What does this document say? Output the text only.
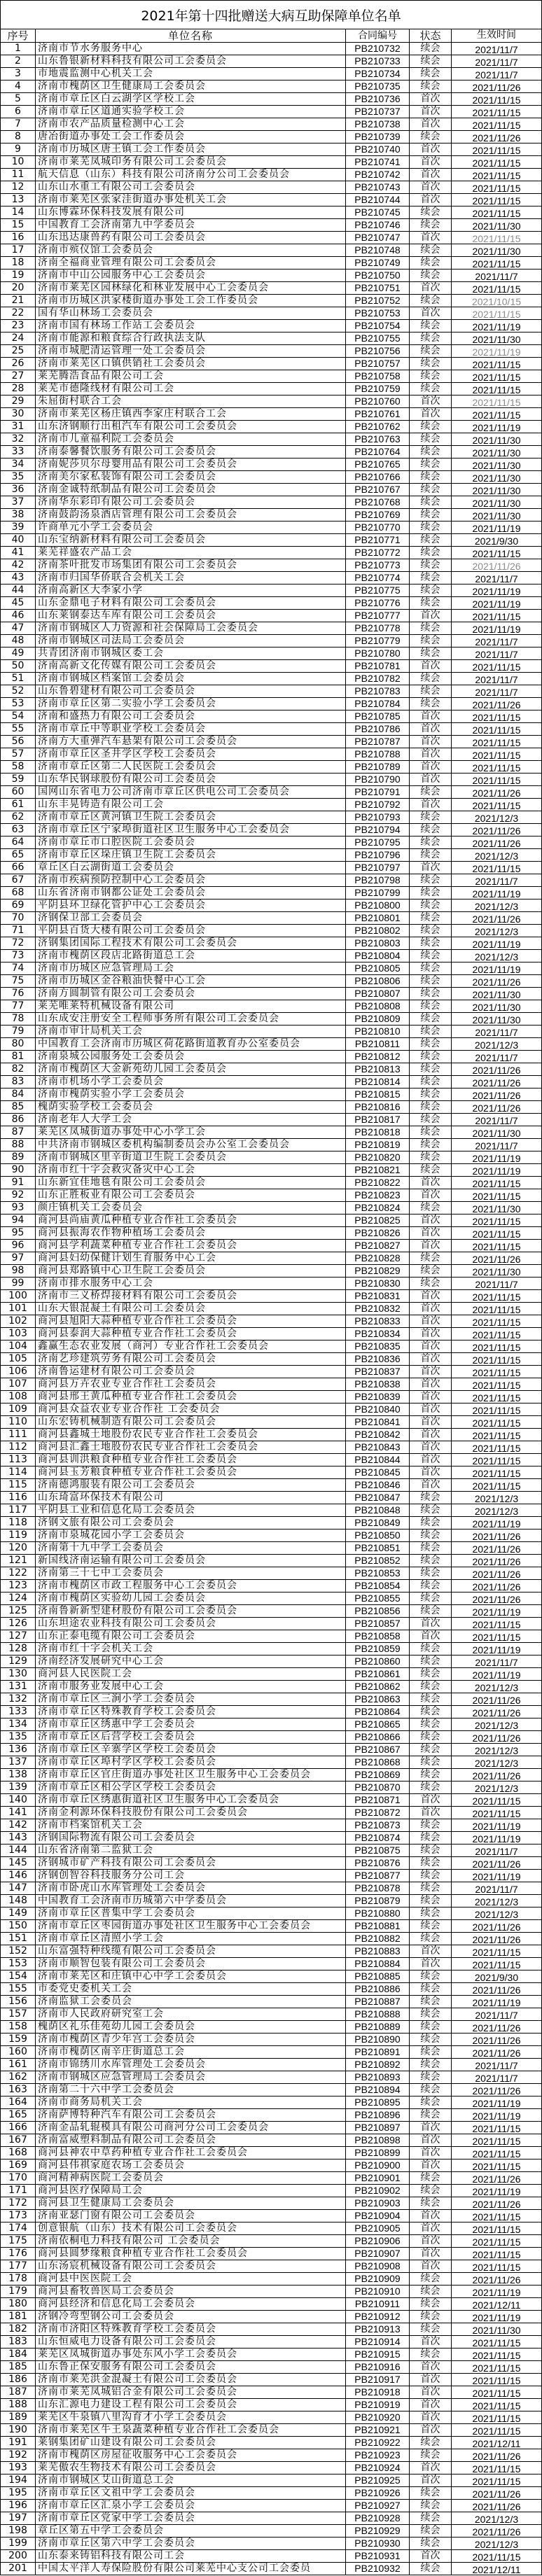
2021年第十四批赠送大病互助保障单位名单
序号	单位名称	合同编号	状态	生效时间
1	济南市节水务服务中心	PB210732	续会	2021/11/7
2	山东鲁银新材料科技有限公司工会委员会	PB210733	续会	2021/11/7
3	市地震监测中心机关工会	PB210734	续会	2021/11/7
4	济南市槐荫区卫生健康局工会委员会	PB210735	续会	2021/11/26
5	济南市章丘区白云湖学区学校工会	PB210736	首次	2021/11/15
6	济南市章丘区道通实验学校工会	PB210737	首次	2021/11/15
7	济南市农产品质量检测中心工会	PB210738	首次	2021/11/15
8	唐冶街道办事处工会工作委员会	PB210739	续会	2021/11/26
9	济南市历城区唐王镇工会工作委员会	PB210740	首次	2021/11/15
10	济南市莱芜凤城印务有限公司工会委员会	PB210741	首次	2021/11/15
11	航天信息（山东）科技有限公司济南分公司工会委员会	PB210742	首次	2021/11/15
12	山东山水重工有限公司工会委员会	PB210743	首次	2021/11/15
13	济南市莱芜区张家洼街道办事处机关工会	PB210744	首次	2021/11/15
14	山东博霖环保科技发展有限公司	PB210745	续会	2021/11/15
15	中国教育工会济南第九中学委员会	PB210746	续会	2021/11/30
16	山东迅达康兽药有限公司工会委员会	PB210747	首次	2021/11/15
17	济南市殡仪馆工会委员会	PB210748	续会	2021/11/30
18	济南全福商业管理有限公司工会委员会	PB210749	续会	2021/11/15
19	济南市中山公园服务中心工会委员会	PB210750	续会	2021/11/7
20	济南市莱芜区园林绿化和林业发展中心工会委员会	PB210751	首次	2021/11/15
21	济南市历城区洪家楼街道办事处工会工作委员会	PB210752	续会	2021/10/15
22	国有华山林场工会委员会	PB210753	首次	2021/11/15
23	济南市国有林场工作站工会委员会	PB210754	续会	2021/11/19
24	济南市能源和粮食综合行政执法支队	PB210755	续会	2021/11/30
25	济南市城肥清运管理一处工会委员会	PB210756	续会	2021/11/19
26	济南市莱芜区口镇供销社工会委员会	PB210757	续会	2021/11/15
27	莱芜腾浩食品有限公司工会	PB210758	续会	2021/11/15
28	莱芜市德隆线材有限公司工会	PB210759	续会	2021/11/15
29	朱屈街村联合工会	PB210760	首次	2021/11/15
30	济南市莱芜区杨庄镇西李家庄村联合工会	PB210761	首次	2021/11/15
31	山东济钢顺行出租汽车有限公司工会委员会	PB210762	续会	2021/11/19
32	济南市儿童福利院工会委员会	PB210763	续会	2021/11/30
33	济南泰馨餐饮服务有限公司工会委员会	PB210764	续会	2021/11/30
34	济南妮莎贝尔母婴用品有限公司工会委员会	PB210765	续会	2021/11/30
35	济南美尔家私装饰有限公司工会委员会	PB210766	续会	2021/11/30
36	济南金诚特纸制品有限公司工会委员会	PB210767	续会	2021/11/30
37	济南华东彩印有限公司工会委员会	PB210768	续会	2021/11/30
38	济南鼓韵汤泉酒店管理有限公司工会委员会	PB210769	续会	2021/11/30
39	许商单元小学工会委员会	PB210770	续会	2021/11/19
40	山东宝纳新材料有限公司工会委员会	PB210771	续会	2021/9/30
41	莱芜祥盛农产品工会	PB210772	续会	2021/11/15
42	济南茶叶批发市场集团有限公司工会委员会	PB210773	续会	2021/11/26
43	济南市归国华侨联合会机关工会	PB210774	续会	2021/11/7
44	济南高新区大李家小学	PB210775	续会	2021/11/19
45	山东金鼎电子材料有限公司工会委员会	PB210776	续会	2021/11/19
46	山东莱钢泰达车库有限公司工会委员会	PB210777	首次	2021/11/15
47	济南市钢城区人力资源和社会保障局工会委员会	PB210778	续会	2021/11/19
48	济南市钢城区司法局工会委员会	PB210779	续会	2021/11/7
49	共青团济南市钢城区委工会	PB210780	续会	2021/11/7
50	济南高新文化传媒有限公司工会委员会	PB210781	首次	2021/11/15
51	济南市钢城区档案馆工会委员会	PB210782	续会	2021/11/7
52	山东鲁碧建材有限公司工会委员会	PB210783	续会	2021/11/7
53	济南市章丘区第二实验小学工会委员会	PB210784	续会	2021/11/26
54	济南和盛热力有限公司工会委员会	PB210785	首次	2021/11/15
55	济南市章丘中等职业学校工会委员会	PB210786	首次	2021/11/15
56	济南方大重弹汽车悬架有限公司工会委员会	PB210787	首次	2021/11/15
57	济南市章丘区圣井学区学校工会委员会	PB210788	首次	2021/11/15
58	济南市章丘区第二人民医院工会委员会	PB210789	首次	2021/11/15
59	山东华民钢球股份有限公司工会委员会	PB210790	首次	2021/11/15
60	国网山东省电力公司济南市章丘区供电公司工会委员会	PB210791	续会	2021/11/26
61	山东丰晃铸造有限公司工会	PB210792	首次	2021/11/15
62	济南市章丘区黄河镇卫生院工会委员会	PB210793	续会	2021/12/3
63	济南市章丘区宁家埠街道社区卫生服务中心工会委员会	PB210794	续会	2021/11/26
64	济南市章丘市口腔医院工会委员会	PB210795	续会	2021/11/26
65	济南市章丘区垛庄镇卫生院工会委员会	PB210796	续会	2021/12/3
66	章丘区白云湖街道工会委员会	PB210797	首次	2021/11/15
67	济南市疾病预防控制中心工会委员会	PB210798	续会	2021/11/7
68	山东省济南市钢都公证处工会委员会	PB210799	续会	2021/11/19
69	平阴县环卫绿化管护中心工会委员会	PB210800	续会	2021/12/3
70	济钢保卫部工会委员会	PB210801	续会	2021/11/26
71	平阴县百货大楼有限公司工会委员会	PB210802	续会	2021/12/3
72	济钢集团国际工程技术有限公司工会委员会	PB210803	续会	2021/11/19
73	济南市槐荫区段店北路街道总工会	PB210804	续会	2021/12/3
74	济南市历城区应急管理局工会	PB210805	续会	2021/11/19
75	济南市历城区金谷粮油快餐中心工会	PB210806	续会	2021/11/26
76	济南方圆制管有限公司工会委员会	PB210807	续会	2021/11/30
77	莱芜唯莱特机械设备有限公司	PB210808	续会	2021/11/30
78	山东成安注册安全工程师事务所有限公司工会委员会	PB210809	续会	2021/11/30
79	济南市审计局机关工会	PB210810	续会	2021/11/7
80	中国教育工会济南市历城区荷花路街道教育办公室委员会	PB210811	续会	2021/12/3
81	济南泉城公园服务处工会委员会	PB210812	续会	2021/11/7
82	济南市槐荫区大金新苑幼儿园工会委员会	PB210813	续会	2021/11/26
83	济南市机场小学工会委员会	PB210814	续会	2021/11/26
84	济南市槐荫实验小学工会委员会	PB210815	续会	2021/11/26
85	槐荫实验学校工会委员会	PB210816	续会	2021/11/26
86	济南老年人大学工会	PB210817	续会	2021/11/7
87	莱芜区凤城街道办事处中心小学工会	PB210818	续会	2021/11/30
88	中共济南市钢城区委机构编制委员会办公室工会委员会	PB210819	续会	2021/11/7
89	济南市钢城区里辛街道卫生院工会委员会	PB210820	续会	2021/11/19
90	济南市红十字会救灾备灾中心工会	PB210821	续会	2021/11/19
91	山东新宜佳地毯有限公司工会委员会	PB210822	首次	2021/11/15
92	山东正胜板业有限公司工会委员会	PB210823	首次	2021/11/15
93	颜庄镇机关工会委员会	PB210824	续会	2021/11/30
94	商河县尚庙黄瓜种植专业合作社工会委员会	PB210825	首次	2021/11/15
95	商河县振海农作物种植场工会委员会	PB210826	首次	2021/11/15
96	商河县学利蔬菜种植专业合作社工会委员会	PB210827	首次	2021/11/15
97	商河县妇幼保健计划生育服务中心工会	PB210828	续会	2021/11/26
98	商河县郑路镇中心卫生院工会委员会	PB210829	续会	2021/11/30
99	济南市排水服务中心工会	PB210830	续会	2021/11/7
100	济南市三义桥焊接材料有限公司工会委员会	PB210831	首次	2021/11/15
101	山东天银混凝土有限公司工会委员会	PB210832	首次	2021/11/15
102	商河县旭阳大蒜种植专业合作社工会委员会	PB210833	首次	2021/11/15
103	商河县泰润大蒜种植专业合作社工会委员会	PB210834	首次	2021/11/15
104	鑫赢生态农业发展（商河）专业合作社工会委员会	PB210835	首次	2021/11/15
105	济南艺珍建筑劳务有限公司工会委员会	PB210836	首次	2021/11/15
106	济南鲁运建材有限公司工会委员会	PB210837	首次	2021/11/15
107	商河县万卉农业专业合作社工会委员会	PB210838	首次	2021/11/15
108	商河县邢王黄瓜种植专业合作社工会委员会	PB210839	首次	2021/11/15
109	商河县众益农业专业合作社 工会委员会	PB210840	首次	2021/11/15
110	山东宏铸机械制造有限公司工会委员会	PB210841	首次	2021/11/15
111	商河县鑫城土地股份农民专业合作社工会委员会	PB210842	首次	2021/11/15
112	商河县汇鑫土地股份农民专业合作社工会委员会	PB210843	首次	2021/11/15
113	商河县训洪粮食种植专业合作社工会委员会	PB210844	首次	2021/11/15
114	商河县玉芳粮食种植专业合作社工会委员会	PB210845	首次	2021/11/15
115	济南德鸿服装有限公司工会委员会	PB210846	首次	2021/11/15
116	山东琦富环保技术有限公司	PB210847	续会	2021/12/3
117	平阴县工业和信息化局工会委员会	PB210848	续会	2021/12/3
118	济钢文旅有限公司工会委员会	PB210849	续会	2021/11/19
119	济南市泉城花园小学工会委员会	PB210850	续会	2021/11/26
120	济南第十九中学工会委员会	PB210851	续会	2021/11/26
121	新国线济南运输有限公司工会委员会	PB210852	续会	2021/11/26
122	济南第三十七中工会委员会	PB210853	续会	2021/11/26
123	济南市槐荫区市政工程服务中心工会委员会	PB210854	续会	2021/11/26
124	济南市槐荫区实验幼儿园工会委员会	PB210855	续会	2021/11/26
125	济南鲁新新型建材股份有限公司工会委员会	PB210856	续会	2021/11/19
126	山东坦途农业科技有限公司工会委员会	PB210857	首次	2021/11/15
127	山东正泰电缆有限公司工会委员会	PB210858	首次	2021/11/15
128	济南市红十字会机关工会	PB210859	续会	2021/11/19
129	济南经济发展研究中心工会	PB210860	续会	2021/11/7
130	商河县人民医院工会	PB210861	续会	2021/11/19
131	济南市服务业发展中心工会	PB210862	续会	2021/12/3
132	济南市章丘区三涧小学工会委员会	PB210863	续会	2021/11/26
133	济南市章丘区特殊教育学校工会委员会	PB210864	续会	2021/11/26
134	济南市章丘区绣惠中学工会委员会	PB210865	续会	2021/12/3
135	济南市章丘区后营学校工会委员会	PB210866	续会	2021/11/26
136	济南市章丘区辛寨学区学校工会委员会	PB210867	续会	2021/12/3
137	济南市章丘区埠村学区学校工会委员会	PB210868	续会	2021/12/3
138	济南市章丘区官庄街道办事处社区卫生服务中心工会委员会	PB210869	续会	2021/11/26
139	济南市章丘区相公学区学校工会委员会	PB210870	续会	2021/12/3
140	济南市章丘区绣惠街道社区卫生服务中心工会委员会	PB210871	首次	2021/11/15
141	济南金利源环保科技股份有限公司工会委员会	PB210872	首次	2021/11/15
142	济南市档案馆机关工会	PB210873	续会	2021/11/19
143	济钢国际物流有限公司工会委员会	PB210874	续会	2021/11/19
144	山东省济南第二监狱工会	PB210875	续会	2021/11/7
145	济钢城市矿产科技有限公司工会委员会	PB210876	续会	2021/11/26
146	济钢创智谷科技服务分公司工会	PB210877	续会	2021/11/19
147	济南市卧虎山水库管理处工会委员会	PB210878	续会	2021/11/7
148	中国教育工会济南市历城第六中学委员会	PB210879	续会	2021/12/3
149	济南市章丘区普集中学工会委员会	PB210880	续会	2021/12/3
150	济南市章丘区枣园街道办事处社区卫生服务中心工会委员会	PB210881	续会	2021/11/26
151	济南市章丘区清照小学工会	PB210882	续会	2021/11/26
152	山东富强特种线缆有限公司工会委员会	PB210883	首次	2021/11/15
153	济南市顺智包装有限公司工会委员会	PB210884	首次	2021/11/15
154	济南市莱芜区和庄镇中心中学工会委员会	PB210885	续会	2021/9/30
155	市委党史委机关工会	PB210886	续会	2021/11/26
156	济南监狱工会委员会	PB210887	续会	2021/11/19
157	济南市人民政府研究室工会	PB210888	续会	2021/11/7
158	槐荫区礼乐佳苑幼儿园工会委员会	PB210889	续会	2021/11/26
159	济南市槐荫区青少年宫工会委员会	PB210890	续会	2021/11/26
160	济南市槐荫区南辛庄街道总工会	PB210891	续会	2021/11/26
161	济南市锦绣川水库管理处工会委员会	PB210892	续会	2021/11/7
162	济南市钢城区应急管理局工会委员会	PB210893	续会	2021/11/7
163	济南第二十六中学工会委员会	PB210894	续会	2021/11/26
164	济南市商务局机关工会	PB210895	续会	2021/11/19
165	济南萨博特种汽车有限公司工会委员会	PB210896	续会	2021/11/19
166	济南金品轧辊模具有限公司商河分公司工会委员会	PB210897	首次	2021/11/15
167	济南富威塑料制品有限公司工会委员会	PB210898	首次	2021/11/15
168	商河县神农中草药种植专业合作社工会委员会	PB210899	首次	2021/11/15
169	商河县伟祺家庭农场工会委员会	PB210900	首次	2021/11/15
170	商河精神病医院工会委员会	PB210901	续会	2021/11/26
171	商河县医疗保障局工会	PB210902	续会	2021/11/19
172	商河县卫生健康局工会委员会	PB210903	续会	2021/11/26
173	济南亚瑟门窗有限公司工会委员会	PB210904	首次	2021/11/15
174	创意银航（山东）技术有限公司工会委员会	PB210905	首次	2021/11/15
175	济南依桐电力科技有限公司 工会委员会	PB210906	首次	2021/11/15
176	商河县圆梦缘粮食种植专业合作社工会委员会	PB210907	首次	2021/11/15
177	山东汤宸机械设备有限公司工会委员会	PB210908	首次	2021/11/15
178	商河县中医医院工会	PB210909	续会	2021/11/26
179	商河县畜牧兽医局工会委员会	PB210910	续会	2021/11/19
180	商河县经济和信息化局工会委员会	PB210911	续会	2021/12/11
181	济钢冷弯型钢公司工会委员会	PB210912	续会	2021/11/19
182	济南市济阳区特殊教育学校工会委员会	PB210913	续会	2021/11/30
183	山东恒威电力设备有限公司工会委员会	PB210914	首次	2021/11/15
184	莱芜区凤城街道办事处东风小学工会委员会	PB210915	续会	2021/11/15
185	山东鲁正保安服务有限公司工会委员会	PB210916	首次	2021/11/15
186	济南市莱芜洪金混凝土有限公司工会委员会	PB210917	首次	2021/11/15
187	济南市莱芜凤城铝合金有限公司工会委员会	PB210918	首次	2021/11/15
188	山东汇源电力建设工程有限公司工会委员会	PB210919	首次	2021/11/15
189	莱芜区牛泉镇八里沟育才小学工会委员会	PB210920	首次	2021/11/15
190	济南市莱芜区牛王泉蔬菜种植专业合作社工会委员会	PB210921	首次	2021/11/15
191	莱钢集团矿山建设有限公司工会委员会	PB210922	续会	2021/12/11
192	济南市槐荫区房屋征收服务中心工会委员会	PB210923	续会	2021/11/26
193	莱芜傲农生物技术有限公司工会委员会	PB210924	首次	2021/11/15
194	济南市钢城区艾山街道总工会	PB210925	首次	2021/11/15
195	济南市章丘区文祖中学工会委员会	PB210926	续会	2021/11/26
196	济南市章丘区汇泉小学工会委员会	PB210927	续会	2021/11/26
197	济南市章丘区党家中学工会委员会	PB210928	续会	2021/12/3
198	章丘区第五中学工会委员会	PB210929	续会	2021/11/26
199	济南市章丘区第六中学工会委员会	PB210930	续会	2021/12/3
200	山东泰来铸铝科技有限公司工会	PB210931	首次	2021/11/15
201	中国太平洋人寿保险股份有限公司莱芜中心支公司工会委员	PB210932	续会	2021/12/11
